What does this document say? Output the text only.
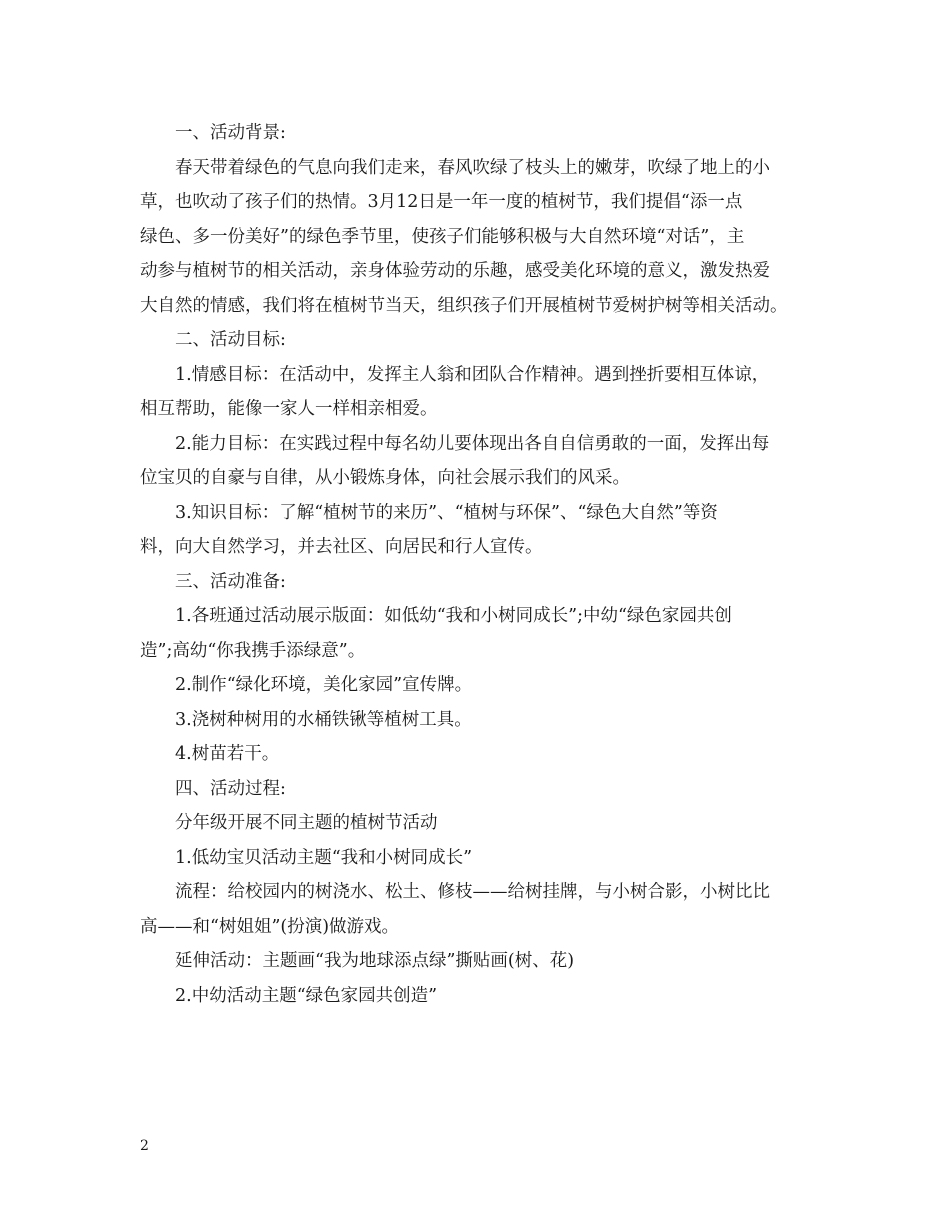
一、活动背景:

春天带着绿色的气息向我们走来，春风吹绿了枝头上的嫩芽，吹绿了地上的小

草，也吹动了孩子们的热情。3月12日是一年一度的植树节，我们提倡“添一点

绿色、多一份美好”的绿色季节里，使孩子们能够积极与大自然环境“对话”，主

动参与植树节的相关活动，亲身体验劳动的乐趣，感受美化环境的意义，激发热爱

大自然的情感，我们将在植树节当天，组织孩子们开展植树节爱树护树等相关活动。

二、活动目标:

1.情感目标：在活动中，发挥主人翁和团队合作精神。遇到挫折要相互体谅，

相互帮助，能像一家人一样相亲相爱。

2.能力目标：在实践过程中每名幼儿要体现出各自自信勇敢的一面，发挥出每

位宝贝的自豪与自律，从小锻炼身体，向社会展示我们的风采。

3.知识目标：了解“植树节的来历”、“植树与环保”、“绿色大自然”等资

料，向大自然学习，并去社区、向居民和行人宣传。

三、活动准备:

1.各班通过活动展示版面：如低幼“我和小树同成长”;中幼“绿色家园共创

造”;高幼“你我携手添绿意”。

2.制作“绿化环境，美化家园”宣传牌。

3.浇树种树用的水桶铁锹等植树工具。

4.树苗若干。

四、活动过程:

分年级开展不同主题的植树节活动

1.低幼宝贝活动主题“我和小树同成长”

流程：给校园内的树浇水、松土、修枝——给树挂牌，与小树合影，小树比比

高——和“树姐姐”(扮演)做游戏。

延伸活动：主题画“我为地球添点绿”撕贴画(树、花)

2.中幼活动主题“绿色家园共创造”

2
